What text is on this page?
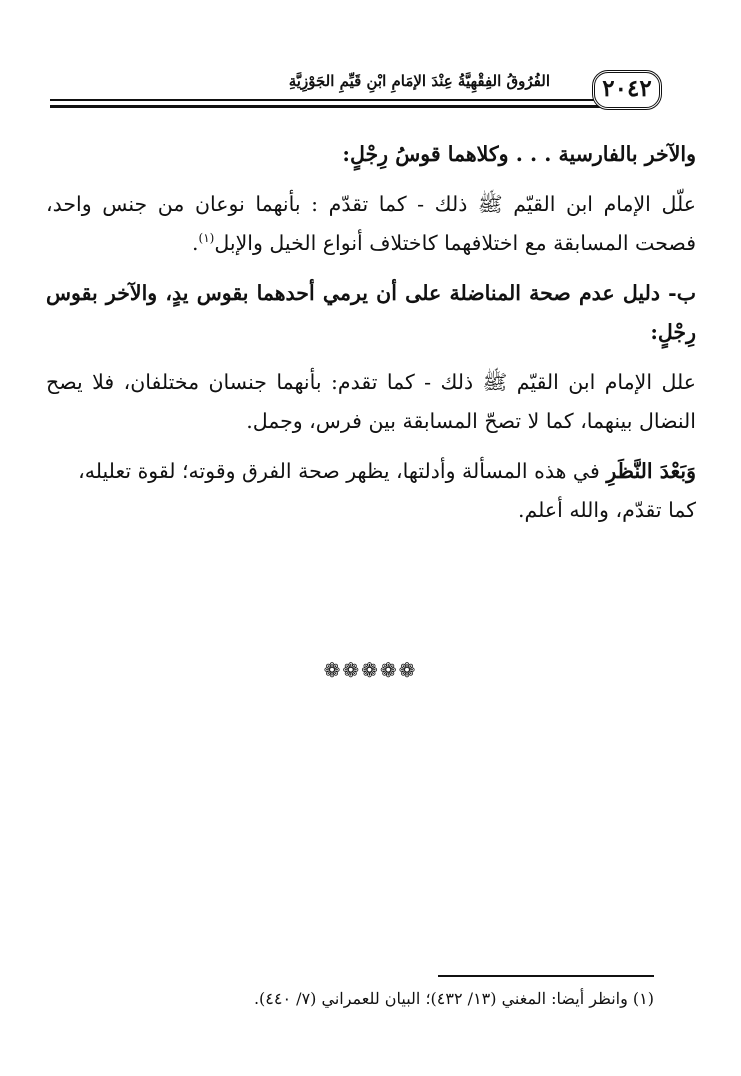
٢٠٤٢
الفُرُوقُ الفِقْهِيَّةُ عِنْدَ الإمَامِ ابْنِ قَيِّمِ الجَوْزِيَّةِ

والآخر بالفارسية . . . وكلاهما قوسُ رِجْلٍ:

علّل الإمام ابن القيّم ﷺ ذلك - كما تقدّم : بأنهما نوعان من جنس واحد، فصحت المسابقة مع اختلافهما كاختلاف أنواع الخيل والإبل$^{(١)}$.

ب- دليل عدم صحة المناضلة على أن يرمي أحدهما بقوس يدٍ، والآخر بقوس رِجْلٍ:

علل الإمام ابن القيّم ﷺ ذلك - كما تقدم: بأنهما جنسان مختلفان، فلا يصح النضال بينهما، كما لا تصحّ المسابقة بين فرس، وجمل.

وَبَعْدَ النَّظَرِ في هذه المسألة وأدلتها، يظهر صحة الفرق وقوته؛ لقوة تعليله، كما تقدّم، والله أعلم.

❁❁❁❁❁
(١) وانظر أيضا: المغني (١٣/ ٤٣٢)؛ البيان للعمراني (٧/ ٤٤٠).
